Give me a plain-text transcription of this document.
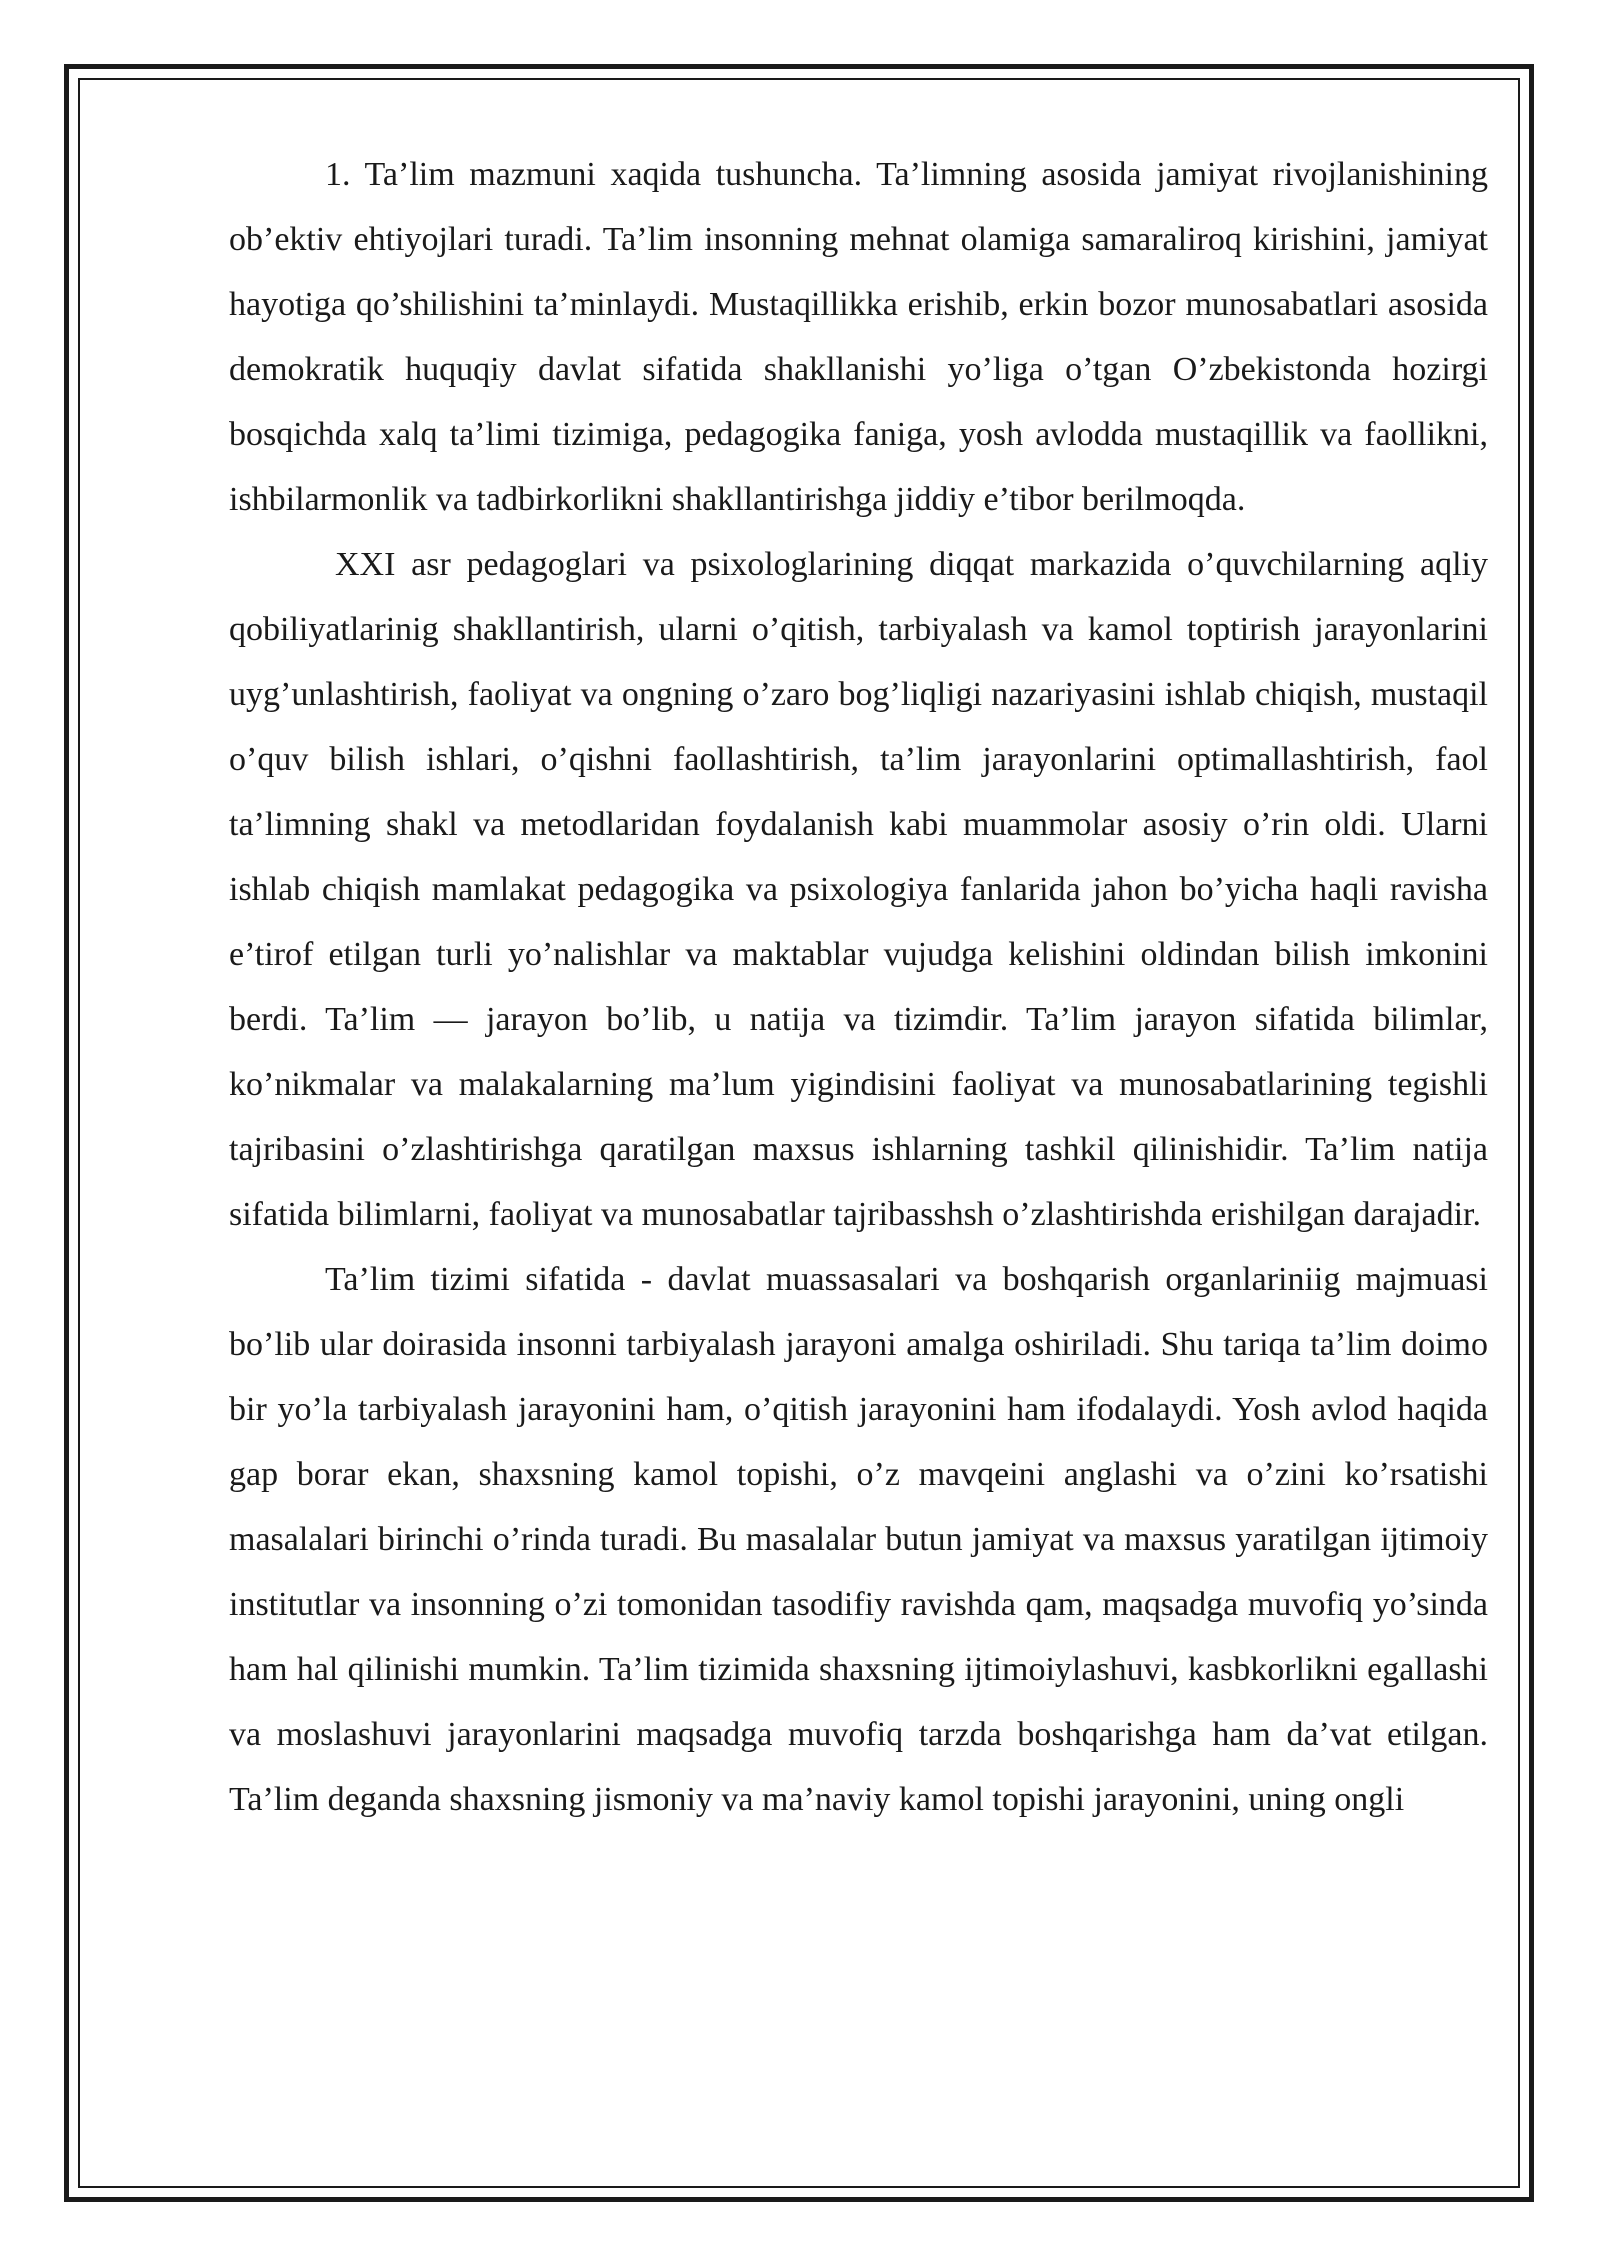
1. Ta’lim mazmuni xaqida tushuncha. Ta’limning asosida jamiyat rivojlanishining ob’ektiv ehtiyojlari turadi. Ta’lim insonning mehnat olamiga samaraliroq kirishini, jamiyat hayotiga qo’shilishini ta’minlaydi. Mustaqillikka erishib, erkin bozor munosabatlari asosida demokratik huquqiy davlat sifatida shakllanishi yo’liga o’tgan O’zbekistonda hozirgi bosqichda xalq ta’limi tizimiga, pedagogika faniga, yosh avlodda mustaqillik va faollikni, ishbilarmonlik va tadbirkorlikni shakllantirishga jiddiy e’tibor berilmoqda.

XXI asr pedagoglari va psixologlarining diqqat markazida o’quvchilarning aqliy qobiliyatlarinig shakllantirish, ularni o’qitish, tarbiyalash va kamol toptirish jarayonlarini uyg’unlashtirish, faoliyat va ongning o’zaro bog’liqligi nazariyasini ishlab chiqish, mustaqil o’quv bilish ishlari, o’qishni faollashtirish, ta’lim jarayonlarini optimallashtirish, faol ta’limning shakl va metodlaridan foydalanish kabi muammolar asosiy o’rin oldi. Ularni ishlab chiqish mamlakat pedagogika va psixologiya fanlarida jahon bo’yicha haqli ravisha e’tirof etilgan turli yo’nalishlar va maktablar vujudga kelishini oldindan bilish imkonini berdi. Ta’lim — jarayon bo’lib, u natija va tizimdir. Ta’lim jarayon sifatida bilimlar, ko’nikmalar va malakalarning ma’lum yigindisini faoliyat va munosabatlarining tegishli tajribasini o’zlashtirishga qaratilgan maxsus ishlarning tashkil qilinishidir. Ta’lim natija sifatida bilimlarni, faoliyat va munosabatlar tajribasshsh o’zlashtirishda erishilgan darajadir.

Ta’lim tizimi sifatida - davlat muassasalari va boshqarish organlariniig majmuasi bo’lib ular doirasida insonni tarbiyalash jarayoni amalga oshiriladi. Shu tariqa ta’lim doimo bir yo’la tarbiyalash jarayonini ham, o’qitish jarayonini ham ifodalaydi. Yosh avlod haqida gap borar ekan, shaxsning kamol topishi, o’z mavqeini anglashi va o’zini ko’rsatishi masalalari birinchi o’rinda turadi. Bu masalalar butun jamiyat va maxsus yaratilgan ijtimoiy institutlar va insonning o’zi tomonidan tasodifiy ravishda qam, maqsadga muvofiq yo’sinda ham hal qilinishi mumkin. Ta’lim tizimida shaxsning ijtimoiylashuvi, kasbkorlikni egallashi va moslashuvi jarayonlarini maqsadga muvofiq tarzda boshqarishga ham da’vat etilgan. Ta’lim deganda shaxsning jismoniy va ma’naviy kamol topishi jarayonini, uning ongli
